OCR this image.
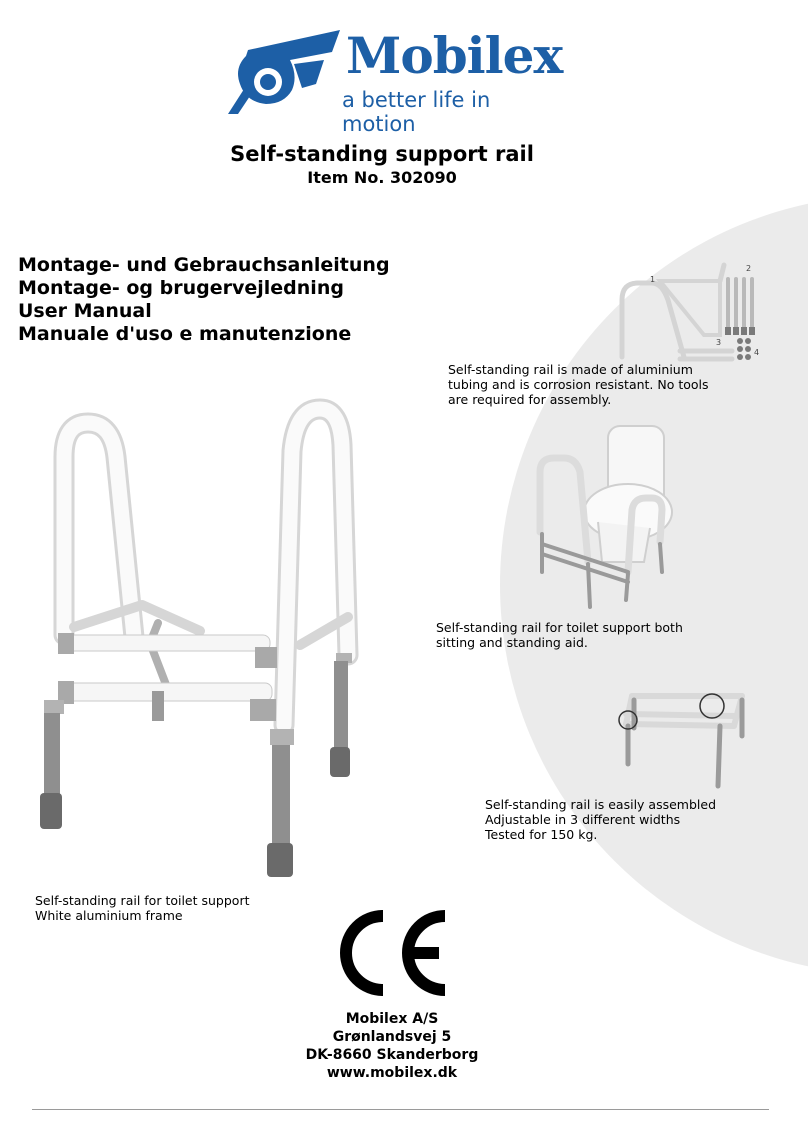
Mobilex
a better life in motion
Self-standing support rail
Item No. 302090
Montage- und Gebrauchsanleitung
Montage- og brugervejledning
User Manual
Manuale d'uso e manutenzione
1
2
3
4
Self-standing rail is made of aluminium
tubing and is corrosion resistant. No tools
are required for assembly.
Self-standing rail for toilet support both
sitting and standing aid.
Self-standing rail is easily assembled
Adjustable in 3 different widths
Tested for 150 kg.
Self-standing rail for toilet support
White aluminium frame
Mobilex A/S
Grønlandsvej 5
DK-8660 Skanderborg
www.mobilex.dk
